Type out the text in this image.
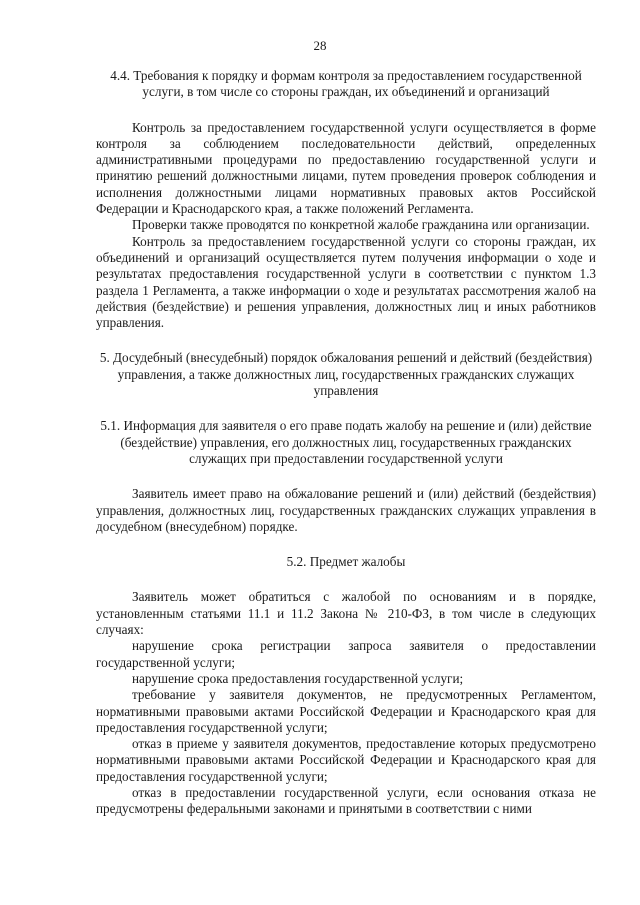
28

4.4. Требования к порядку и формам контроля за предоставлением государственной услуги, в том числе со стороны граждан, их объединений и организаций

Контроль за предоставлением государственной услуги осуществляется в форме контроля за соблюдением последовательности действий, определенных административными процедурами по предоставлению государственной услуги и принятию решений должностными лицами, путем проведения проверок соблюдения и исполнения должностными лицами нормативных правовых актов Российской Федерации и Краснодарского края, а также положений Регламента.

Проверки также проводятся по конкретной жалобе гражданина или организации.

Контроль за предоставлением государственной услуги со стороны граждан, их объединений и организаций осуществляется путем получения информации о ходе и результатах предоставления государственной услуги в соответствии с пунктом 1.3 раздела 1 Регламента, а также информации о ходе и результатах рассмотрения жалоб на действия (бездействие) и решения управления, должностных лиц и иных работников управления.

5. Досудебный (внесудебный) порядок обжалования решений и действий (бездействия) управления, а также должностных лиц, государственных гражданских служащих управления
5.1. Информация для заявителя о его праве подать жалобу на решение и (или) действие (бездействие) управления, его должностных лиц, государственных гражданских служащих при предоставлении государственной услуги

Заявитель имеет право на обжалование решений и (или) действий (бездействия) управления, должностных лиц, государственных гражданских служащих управления в досудебном (внесудебном) порядке.

5.2. Предмет жалобы

Заявитель может обратиться с жалобой по основаниям и в порядке, установленным статьями 11.1 и 11.2 Закона № 210-ФЗ, в том числе в следующих случаях:

нарушение срока регистрации запроса заявителя о предоставлении государственной услуги;

нарушение срока предоставления государственной услуги;

требование у заявителя документов, не предусмотренных Регламентом, нормативными правовыми актами Российской Федерации и Краснодарского края для предоставления государственной услуги;

отказ в приеме у заявителя документов, предоставление которых предусмотрено нормативными правовыми актами Российской Федерации и Краснодарского края для предоставления государственной услуги;

отказ в предоставлении государственной услуги, если основания отказа не предусмотрены федеральными законами и принятыми в соответствии с ними
